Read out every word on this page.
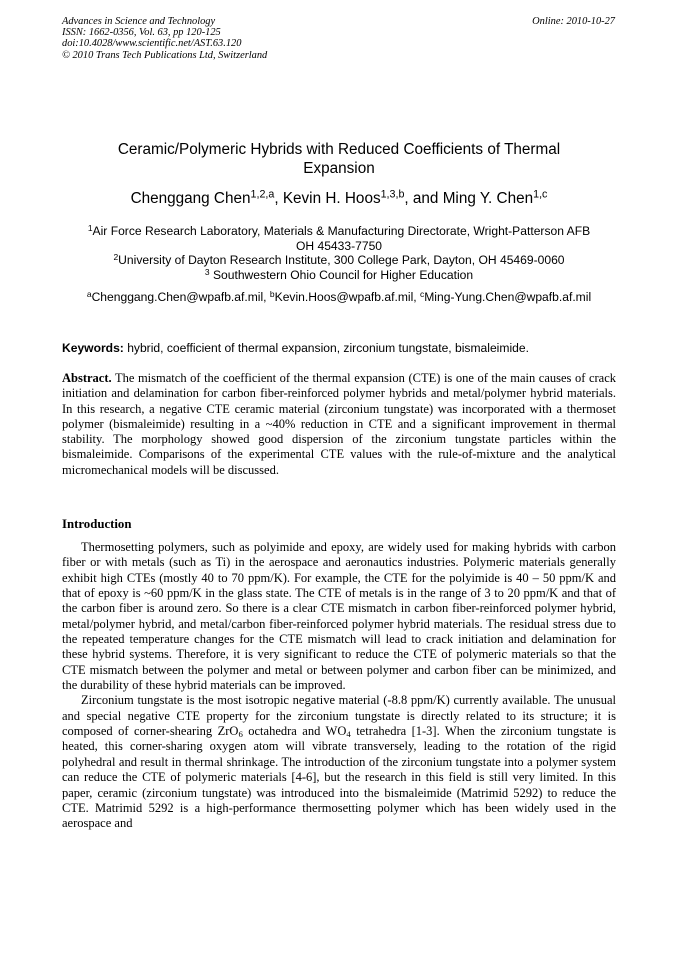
Advances in Science and Technology
ISSN: 1662-0356, Vol. 63, pp 120-125
doi:10.4028/www.scientific.net/AST.63.120
© 2010 Trans Tech Publications Ltd, Switzerland
Online: 2010-10-27
Ceramic/Polymeric Hybrids with Reduced Coefficients of Thermal
Expansion
Chenggang Chen$^{1,2,a}$, Kevin H. Hoos$^{1,3,b}$, and Ming Y. Chen$^{1,c}$
$^1$Air Force Research Laboratory, Materials & Manufacturing Directorate, Wright-Patterson AFB
OH 45433-7750
$^2$University of Dayton Research Institute, 300 College Park, Dayton, OH 45469-0060
$^3$ Southwestern Ohio Council for Higher Education
$^a$Chenggang.Chen@wpafb.af.mil, $^b$Kevin.Hoos@wpafb.af.mil, $^c$Ming-Yung.Chen@wpafb.af.mil
Keywords: hybrid, coefficient of thermal expansion, zirconium tungstate, bismaleimide.

Abstract. The mismatch of the coefficient of the thermal expansion (CTE) is one of the main causes of crack initiation and delamination for carbon fiber-reinforced polymer hybrids and metal/polymer hybrid materials. In this research, a negative CTE ceramic material (zirconium tungstate) was incorporated with a thermoset polymer (bismaleimide) resulting in a ~40% reduction in CTE and a significant improvement in thermal stability. The morphology showed good dispersion of the zirconium tungstate particles within the bismaleimide. Comparisons of the experimental CTE values with the rule-of-mixture and the analytical micromechanical models will be discussed.

Introduction

Thermosetting polymers, such as polyimide and epoxy, are widely used for making hybrids with carbon fiber or with metals (such as Ti) in the aerospace and aeronautics industries. Polymeric materials generally exhibit high CTEs (mostly 40 to 70 ppm/K). For example, the CTE for the polyimide is 40 – 50 ppm/K and that of epoxy is ~60 ppm/K in the glass state. The CTE of metals is in the range of 3 to 20 ppm/K and that of the carbon fiber is around zero. So there is a clear CTE mismatch in carbon fiber-reinforced polymer hybrid, metal/polymer hybrid, and metal/carbon fiber-reinforced polymer hybrid materials. The residual stress due to the repeated temperature changes for the CTE mismatch will lead to crack initiation and delamination for these hybrid systems. Therefore, it is very significant to reduce the CTE of polymeric materials so that the CTE mismatch between the polymer and metal or between polymer and carbon fiber can be minimized, and the durability of these hybrid materials can be improved.

Zirconium tungstate is the most isotropic negative material (-8.8 ppm/K) currently available. The unusual and special negative CTE property for the zirconium tungstate is directly related to its structure; it is composed of corner-shearing ZrO$_6$ octahedra and $WO_4$ tetrahedra [1-3]. When the zirconium tungstate is heated, this corner-sharing oxygen atom will vibrate transversely, leading to the rotation of the rigid polyhedral and result in thermal shrinkage. The introduction of the zirconium tungstate into a polymer system can reduce the CTE of polymeric materials [4-6], but the research in this field is still very limited. In this paper, ceramic (zirconium tungstate) was introduced into the bismaleimide (Matrimid 5292) to reduce the CTE. Matrimid 5292 is a high-performance thermosetting polymer which has been widely used in the aerospace and
